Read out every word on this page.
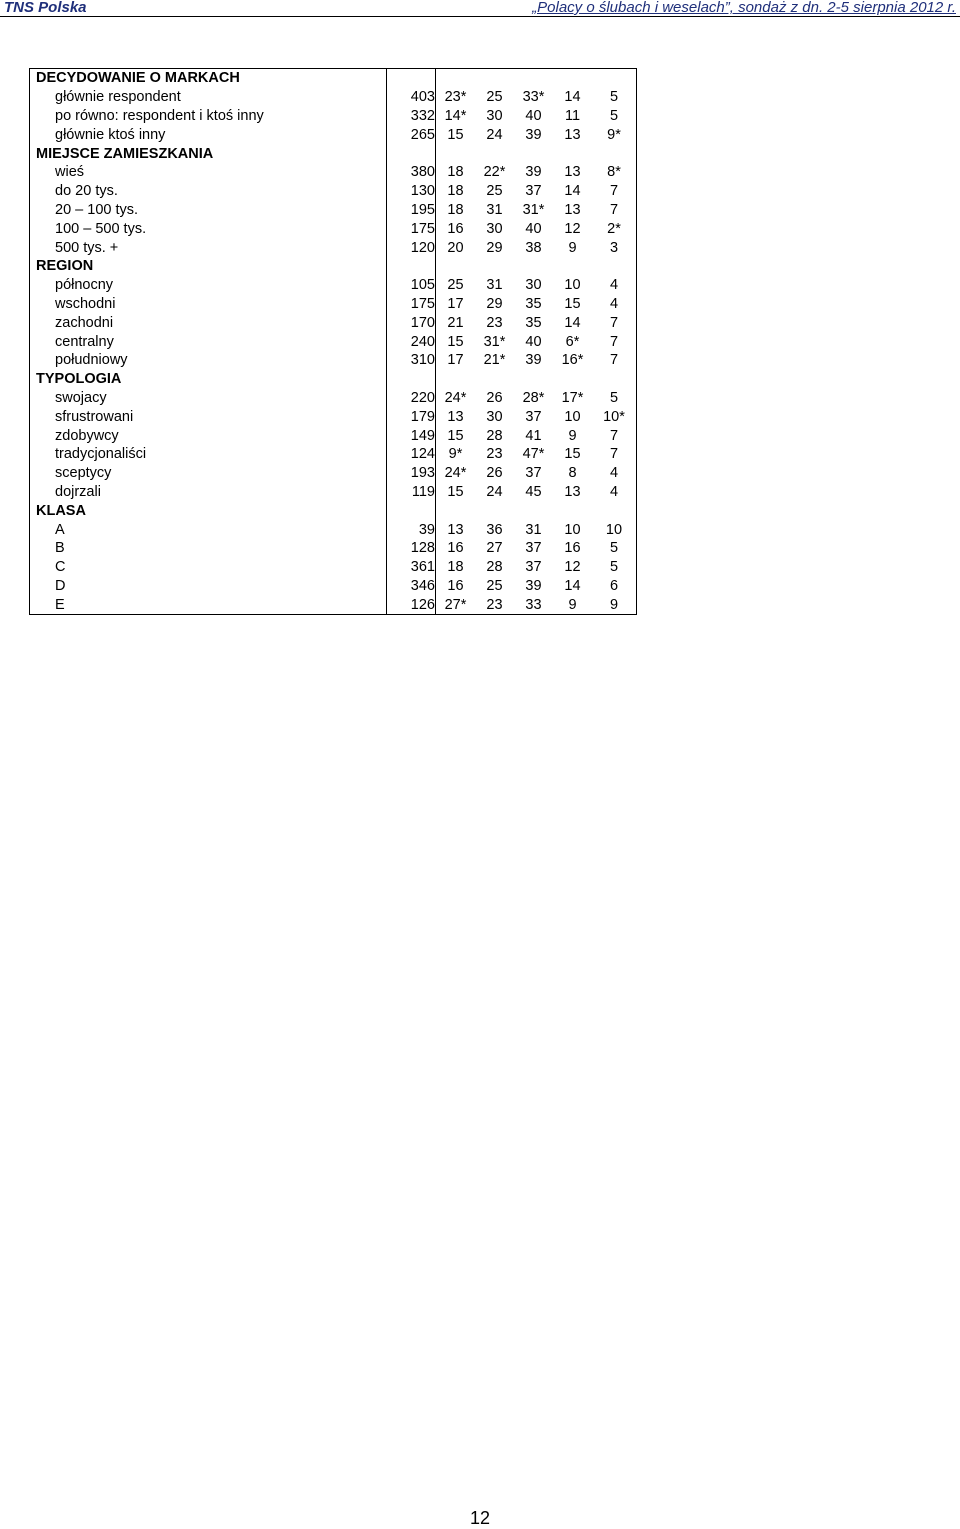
TNS Polska	„Polacy o ślubach i weselach”, sondaż z dn. 2-5 sierpnia 2012 r.
DECYDOWANIE O MARKACH						
głównie respondent	403	23*	25	33*	14	5
po równo: respondent i ktoś inny	332	14*	30	40	11	5
głównie ktoś inny	265	15	24	39	13	9*
MIEJSCE ZAMIESZKANIA						
wieś	380	18	22*	39	13	8*
do 20 tys.	130	18	25	37	14	7
20 – 100 tys.	195	18	31	31*	13	7
100 – 500 tys.	175	16	30	40	12	2*
500 tys. +	120	20	29	38	9	3
REGION						
północny	105	25	31	30	10	4
wschodni	175	17	29	35	15	4
zachodni	170	21	23	35	14	7
centralny	240	15	31*	40	6*	7
południowy	310	17	21*	39	16*	7
TYPOLOGIA						
swojacy	220	24*	26	28*	17*	5
sfrustrowani	179	13	30	37	10	10*
zdobywcy	149	15	28	41	9	7
tradycjonaliści	124	9*	23	47*	15	7
sceptycy	193	24*	26	37	8	4
dojrzali	119	15	24	45	13	4
KLASA						
A	39	13	36	31	10	10
B	128	16	27	37	16	5
C	361	18	28	37	12	5
D	346	16	25	39	14	6
E	126	27*	23	33	9	9
12
